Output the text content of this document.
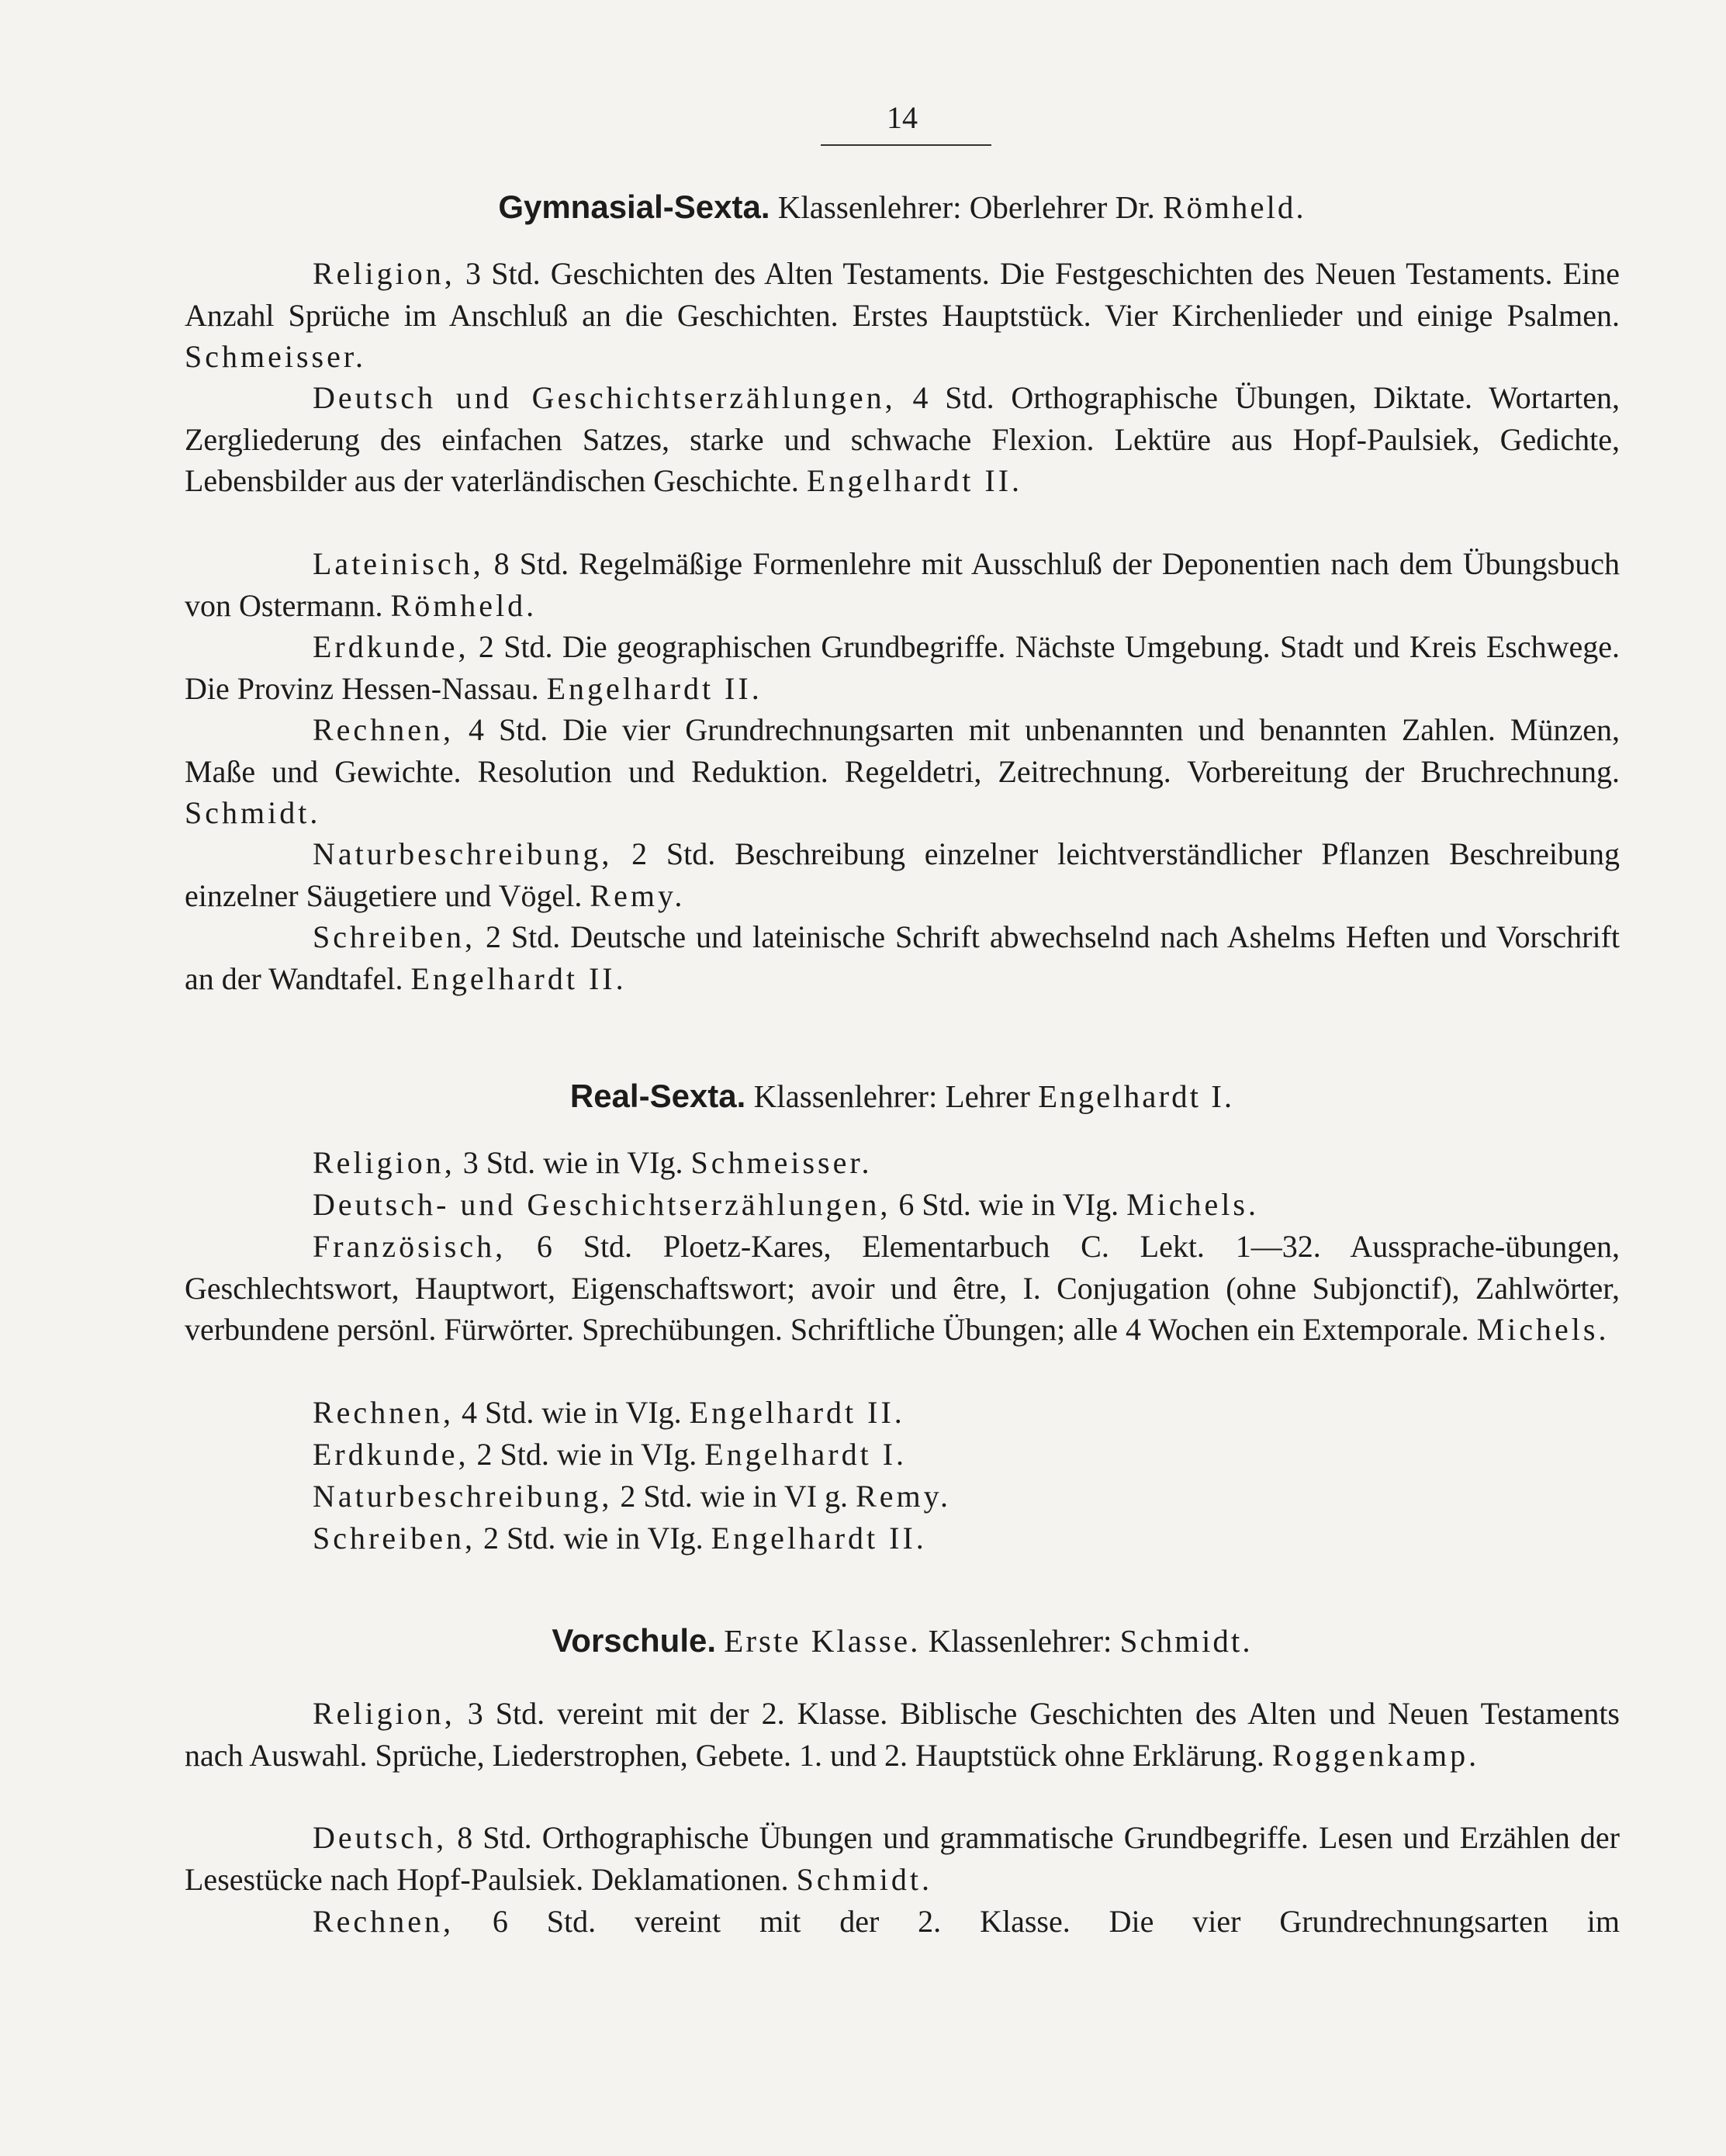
14
Gymnasial-Sexta. Klassenlehrer: Oberlehrer Dr. Römheld.

Religion, 3 Std. Geschichten des Alten Testaments. Die Festgeschichten des Neuen Testaments. Eine Anzahl Sprüche im Anschluß an die Geschichten. Erstes Hauptstück. Vier Kirchenlieder und einige Psalmen. Schmeisser.

Deutsch und Geschichtserzählungen, 4 Std. Orthographische Übungen, Diktate. Wortarten, Zergliederung des einfachen Satzes, starke und schwache Flexion. Lektüre aus Hopf-Paulsiek, Gedichte, Lebensbilder aus der vaterländischen Geschichte. Engelhardt II.

Lateinisch, 8 Std. Regelmäßige Formenlehre mit Ausschluß der Deponentien nach dem Übungsbuch von Ostermann. Römheld.

Erdkunde, 2 Std. Die geographischen Grundbegriffe. Nächste Umgebung. Stadt und Kreis Eschwege. Die Provinz Hessen-Nassau. Engelhardt II.

Rechnen, 4 Std. Die vier Grundrechnungsarten mit unbenannten und benannten Zahlen. Münzen, Maße und Gewichte. Resolution und Reduktion. Regeldetri, Zeitrechnung. Vorbereitung der Bruchrechnung. Schmidt.

Naturbeschreibung, 2 Std. Beschreibung einzelner leichtverständlicher Pflanzen Beschreibung einzelner Säugetiere und Vögel. Remy.

Schreiben, 2 Std. Deutsche und lateinische Schrift abwechselnd nach Ashelms Heften und Vorschrift an der Wandtafel. Engelhardt II.

Real-Sexta. Klassenlehrer: Lehrer Engelhardt I.

Religion, 3 Std. wie in VIg. Schmeisser.

Deutsch- und Geschichtserzählungen, 6 Std. wie in VIg. Michels.

Französisch, 6 Std. Ploetz-Kares, Elementarbuch C. Lekt. 1—32. Aussprache-übungen, Geschlechtswort, Hauptwort, Eigenschaftswort; avoir und être, I. Conjugation (ohne Subjonctif), Zahlwörter, verbundene persönl. Fürwörter. Sprechübungen. Schriftliche Übungen; alle 4 Wochen ein Extemporale. Michels.

Rechnen, 4 Std. wie in VIg. Engelhardt II.

Erdkunde, 2 Std. wie in VIg. Engelhardt I.

Naturbeschreibung, 2 Std. wie in VI g. Remy.

Schreiben, 2 Std. wie in VIg. Engelhardt II.

Vorschule. Erste Klasse. Klassenlehrer: Schmidt.

Religion, 3 Std. vereint mit der 2. Klasse. Biblische Geschichten des Alten und Neuen Testaments nach Auswahl. Sprüche, Liederstrophen, Gebete. 1. und 2. Hauptstück ohne Erklärung. Roggenkamp.

Deutsch, 8 Std. Orthographische Übungen und grammatische Grundbegriffe. Lesen und Erzählen der Lesestücke nach Hopf-Paulsiek. Deklamationen. Schmidt.

Rechnen, 6 Std. vereint mit der 2. Klasse. Die vier Grundrechnungsarten im
